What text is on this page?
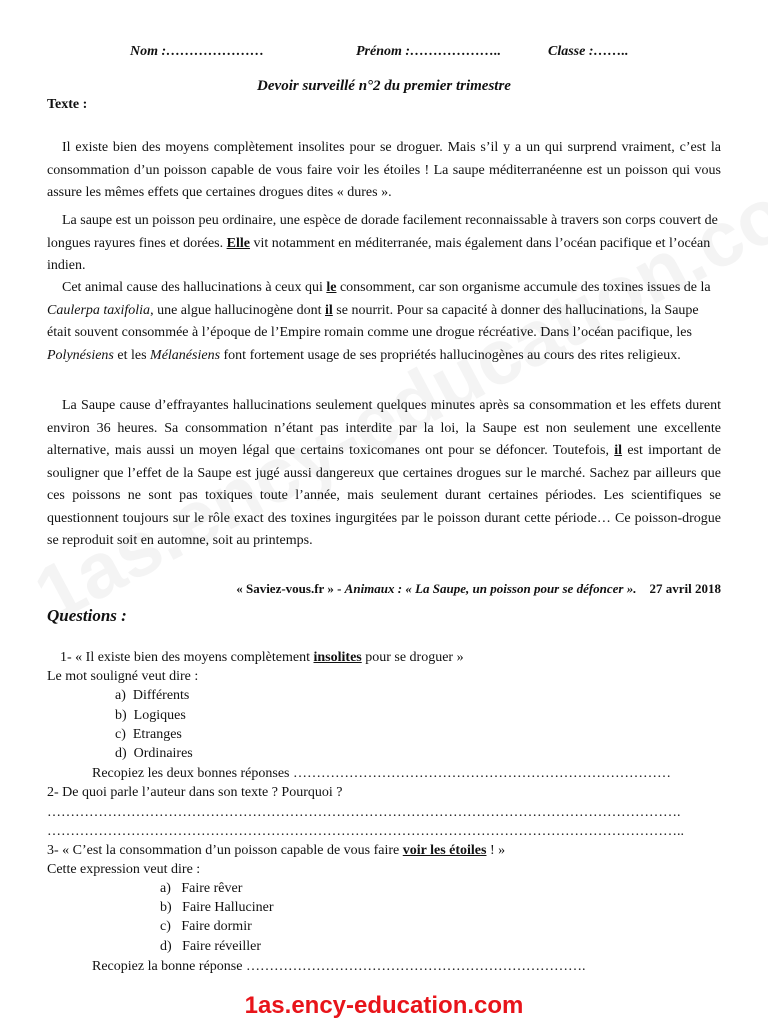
Nom :…………………	Prénom :………………..	Classe :……..
Devoir surveillé n°2 du premier trimestre
Texte :
Il existe bien des moyens complètement insolites pour se droguer. Mais s’il y a un qui surprend vraiment, c’est la consommation d’un poisson capable de vous faire voir les étoiles ! La saupe méditerranéenne est un poisson qui vous assure les mêmes effets que certaines drogues dites « dures ».
La saupe est un poisson peu ordinaire, une espèce de dorade facilement reconnaissable à travers son corps couvert de longues rayures fines et dorées. Elle vit notamment en méditerranée, mais également dans l’océan pacifique et l’océan indien.
Cet animal cause des hallucinations à ceux qui le consomment, car son organisme accumule des toxines issues de la Caulerpa taxifolia, une algue hallucinogène dont il se nourrit. Pour sa capacité à donner des hallucinations, la Saupe était souvent consommée à l’époque de l’Empire romain comme une drogue récréative. Dans l’océan pacifique, les Polynésiens et les Mélanésiens font fortement usage de ses propriétés hallucinogènes au cours des rites religieux.
La Saupe cause d’effrayantes hallucinations seulement quelques minutes après sa consommation et les effets durent environ 36 heures. Sa consommation n’étant pas interdite par la loi, la Saupe est non seulement une excellente alternative, mais aussi un moyen légal que certains toxicomanes ont pour se défoncer. Toutefois, il est important de souligner que l’effet de la Saupe est jugé aussi dangereux que certaines drogues sur le marché. Sachez par ailleurs que ces poissons ne sont pas toxiques toute l’année, mais seulement durant certaines périodes. Les scientifiques se questionnent toujours sur le rôle exact des toxines ingurgitées par le poisson durant cette période… Ce poisson-drogue se reproduit soit en automne, soit au printemps.
« Saviez-vous.fr » - Animaux : « La Saupe, un poisson pour se défoncer ». 27 avril 2018
Questions :
1- « Il existe bien des moyens complètement insolites pour se droguer »
Le mot souligné veut dire :
a)  Différents
b)  Logiques
c)  Etranges
d)  Ordinaires
Recopiez les deux bonnes réponses ………………………………………………………………………
2- De quoi parle l’auteur dans son texte ? Pourquoi ?
……………………………………………………………………………………………………………………….
………………………………………………………………………………………………………………………..
3- « C’est la consommation d’un poisson capable de vous faire voir les étoiles ! »
Cette expression veut dire :
a)   Faire rêver
b)   Faire Halluciner
c)   Faire dormir
d)   Faire réveiller
Recopiez la bonne réponse ……………………………………………………………….
1as.ency-education.com
